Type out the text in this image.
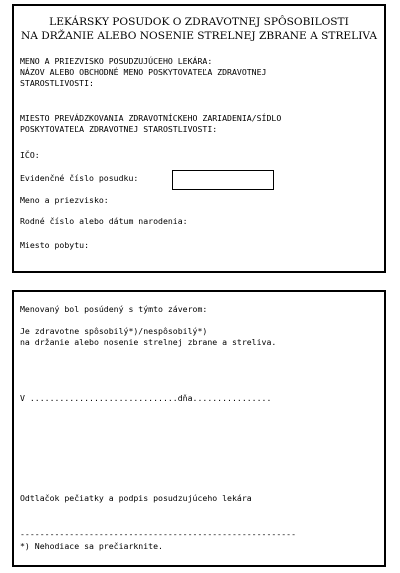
LEKÁRSKY POSUDOK O ZDRAVOTNEJ SPÔSOBILOSTI
NA DRŽANIE ALEBO NOSENIE STRELNEJ ZBRANE A STRELIVA
MENO A PRIEZVISKO POSUDZUJÚCEHO LEKÁRA:
NÁZOV ALEBO OBCHODNÉ MENO POSKYTOVATEĽA ZDRAVOTNEJ
STAROSTLIVOSTI:
MIESTO PREVÁDZKOVANIA ZDRAVOTNÍCKEHO ZARIADENIA/SÍDLO
POSKYTOVATEĽA ZDRAVOTNEJ STAROSTLIVOSTI:
IČO:
Evidenčné číslo posudku:
Meno a priezvisko:
Rodné číslo alebo dátum narodenia:
Miesto pobytu:
Menovaný bol posúdený s týmto záverom:
Je zdravotne spôsobilý*)/nespôsobilý*)
na držanie alebo nosenie strelnej zbrane a streliva.
V ..............................dňa................
Odtlačok pečiatky a podpis posudzujúceho lekára
--------------------------------------------------------
*) Nehodiace sa prečiarknite.
